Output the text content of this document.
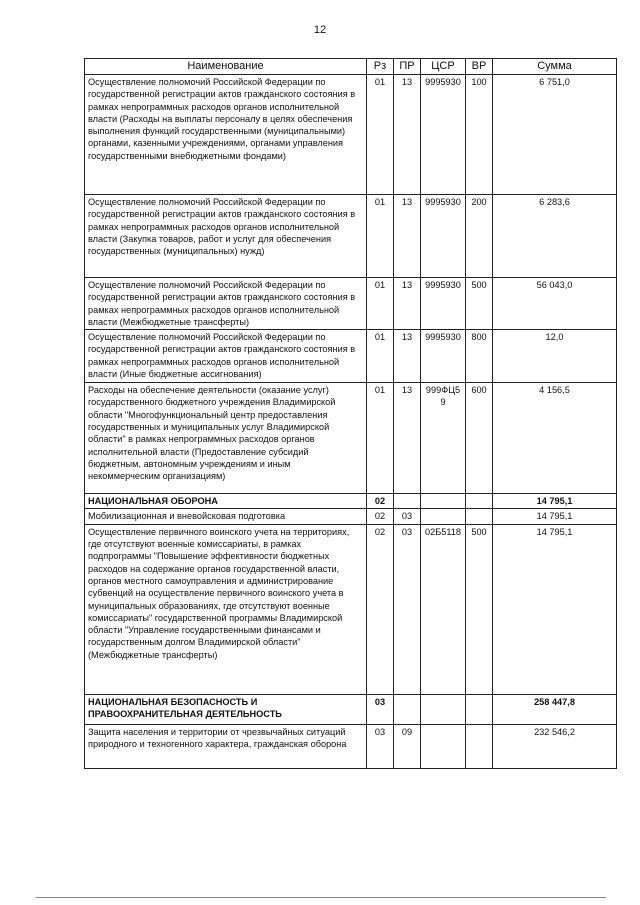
12
Наименование	Рз	ПР	ЦСР	ВР	Сумма
Осуществление полномочий Российской Федерации по государственной регистрации актов гражданского состояния в рамках непрограммных расходов органов исполнительной власти (Расходы на выплаты персоналу в целях обеспечения выполнения функций государственными (муниципальными) органами, казенными учреждениями, органами управления государственными внебюджетными фондами)	01	13	9995930	100	6 751,0
Осуществление полномочий Российской Федерации по государственной регистрации актов гражданского состояния в рамках непрограммных расходов органов исполнительной власти (Закупка товаров, работ и услуг для обеспечения государственных (муниципальных) нужд)	01	13	9995930	200	6 283,6
Осуществление полномочий Российской Федерации по государственной регистрации актов гражданского состояния в рамках непрограммных расходов органов исполнительной власти (Межбюджетные трансферты)	01	13	9995930	500	56 043,0
Осуществление полномочий Российской Федерации по государственной регистрации актов гражданского состояния в рамках непрограммных расходов органов исполнительной власти (Иные бюджетные ассигнования)	01	13	9995930	800	12,0
Расходы на обеспечение деятельности (оказание услуг) государственного бюджетного учреждения Владимирской области "Многофункциональный центр предоставления государственных и муниципальных услуг Владимирской области" в рамках непрограммных расходов органов исполнительной власти (Предоставление субсидий бюджетным, автономным учреждениям и иным некоммерческим организациям)	01	13	999ФЦ59	600	4 156,5
НАЦИОНАЛЬНАЯ ОБОРОНА	02				14 795,1
Мобилизационная и вневойсковая подготовка	02	03			14 795,1
Осуществление первичного воинского учета на территориях, где отсутствуют военные комиссариаты, в рамках подпрограммы "Повышение эффективности бюджетных расходов на содержание органов государственной власти, органов местного самоуправления и администрирование субвенций на осуществление первичного воинского учета в муниципальных образованиях, где отсутствуют военные комиссариаты" государственной программы Владимирской области "Управление государственными финансами и государственным долгом Владимирской области" (Межбюджетные трансферты)	02	03	02Б5118	500	14 795,1
НАЦИОНАЛЬНАЯ БЕЗОПАСНОСТЬ И ПРАВООХРАНИТЕЛЬНАЯ ДЕЯТЕЛЬНОСТЬ	03				258 447,8
Защита населения и территории от чрезвычайных ситуаций природного и техногенного характера, гражданская оборона	03	09			232 546,2
